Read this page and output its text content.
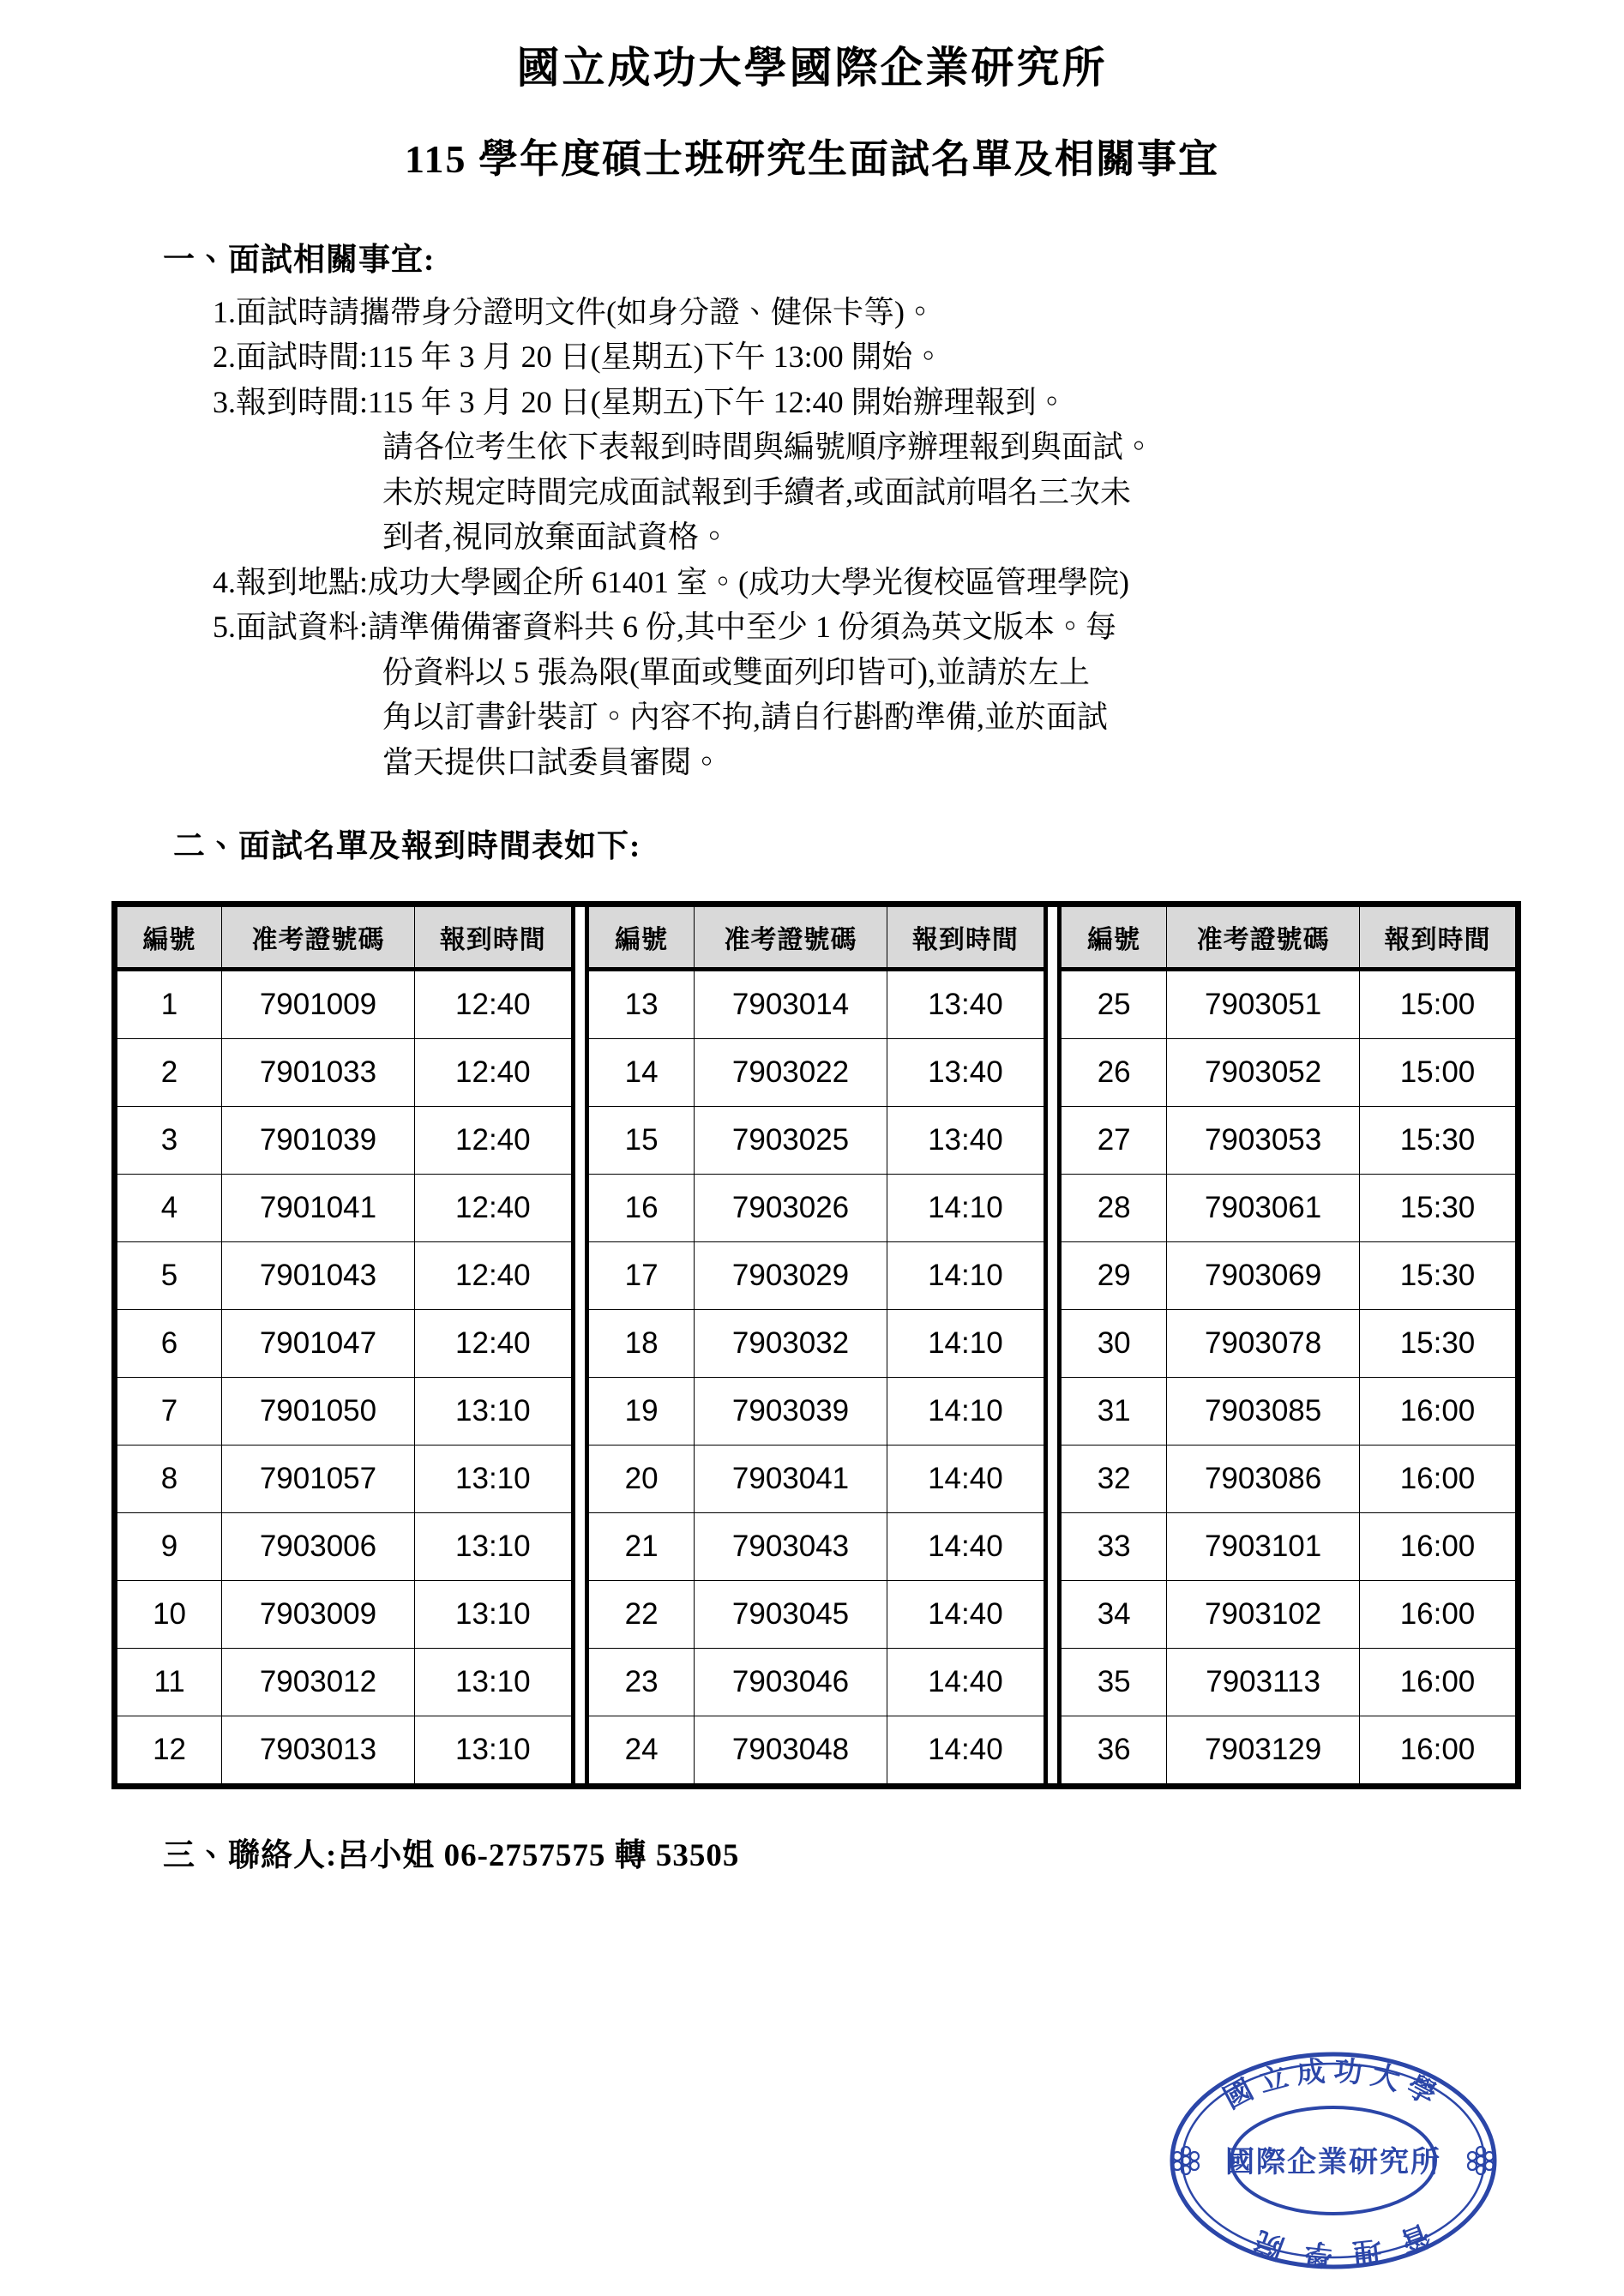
國立成功大學國際企業研究所
115 學年度碩士班研究生面試名單及相關事宜

一、面試相關事宜:

1.面試時請攜帶身分證明文件(如身分證、健保卡等)。
2.面試時間:115 年 3 月 20 日(星期五)下午 13:00 開始。
3.報到時間:115 年 3 月 20 日(星期五)下午 12:40 開始辦理報到。
請各位考生依下表報到時間與編號順序辦理報到與面試。
未於規定時間完成面試報到手續者,或面試前唱名三次未
到者,視同放棄面試資格。
4.報到地點:成功大學國企所 61401 室。(成功大學光復校區管理學院)
5.面試資料:請準備備審資料共 6 份,其中至少 1 份須為英文版本。每
份資料以 5 張為限(單面或雙面列印皆可),並請於左上
角以訂書針裝訂。內容不拘,請自行斟酌準備,並於面試
當天提供口試委員審閱。

二、面試名單及報到時間表如下:

編號	准考證號碼	報到時間		編號	准考證號碼	報到時間		編號	准考證號碼	報到時間
1	7901009	12:40		13	7903014	13:40		25	7903051	15:00
2	7901033	12:40		14	7903022	13:40		26	7903052	15:00
3	7901039	12:40		15	7903025	13:40		27	7903053	15:30
4	7901041	12:40		16	7903026	14:10		28	7903061	15:30
5	7901043	12:40		17	7903029	14:10		29	7903069	15:30
6	7901047	12:40		18	7903032	14:10		30	7903078	15:30
7	7901050	13:10		19	7903039	14:10		31	7903085	16:00
8	7901057	13:10		20	7903041	14:40		32	7903086	16:00
9	7903006	13:10		21	7903043	14:40		33	7903101	16:00
10	7903009	13:10		22	7903045	14:40		34	7903102	16:00
11	7903012	13:10		23	7903046	14:40		35	7903113	16:00
12	7903013	13:10		24	7903048	14:40		36	7903129	16:00

三、聯絡人:呂小姐 06-2757575 轉 53505

國立成功大學
管理學院
國際企業研究所
